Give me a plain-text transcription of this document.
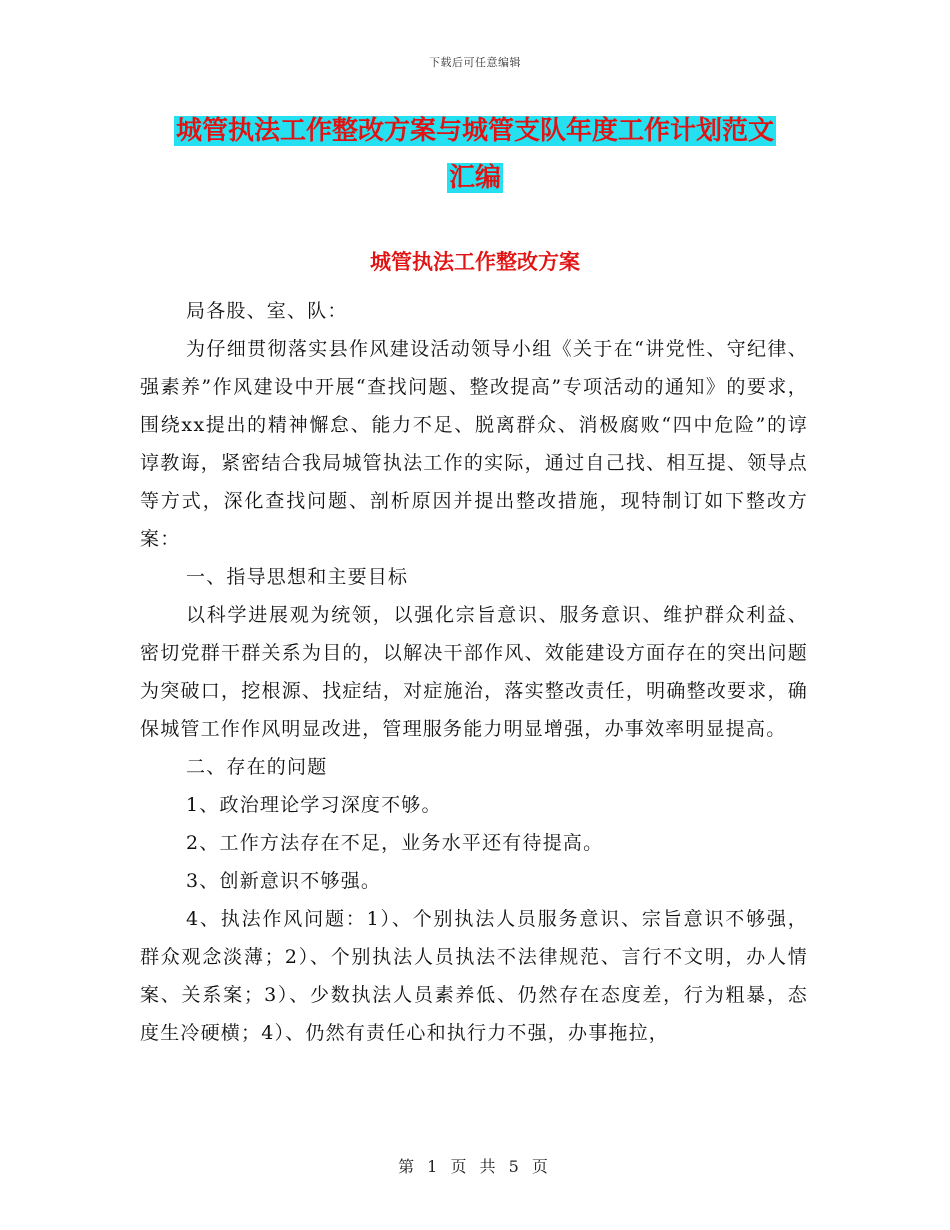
下载后可任意编辑
城管执法工作整改方案与城管支队年度工作计划范文
汇编
城管执法工作整改方案

局各股、室、队：

为仔细贯彻落实县作风建设活动领导小组《关于在“讲党性、守纪律、强素养”作风建设中开展“查找问题、整改提高”专项活动的通知》的要求，围绕xx提出的精神懈怠、能力不足、脱离群众、消极腐败“四中危险”的谆谆教诲，紧密结合我局城管执法工作的实际，通过自己找、相互提、领导点等方式，深化查找问题、剖析原因并提出整改措施，现特制订如下整改方案：

一、指导思想和主要目标

以科学进展观为统领，以强化宗旨意识、服务意识、维护群众利益、密切党群干群关系为目的，以解决干部作风、效能建设方面存在的突出问题为突破口，挖根源、找症结，对症施治，落实整改责任，明确整改要求，确保城管工作作风明显改进，管理服务能力明显增强，办事效率明显提高。

二、存在的问题

1、政治理论学习深度不够。

2、工作方法存在不足，业务水平还有待提高。

3、创新意识不够强。

4、执法作风问题：1）、个别执法人员服务意识、宗旨意识不够强，群众观念淡薄；2）、个别执法人员执法不法律规范、言行不文明，办人情案、关系案；3）、少数执法人员素养低、仍然存在态度差，行为粗暴，态度生冷硬横；4）、仍然有责任心和执行力不强，办事拖拉，

第 1 页 共 5 页
